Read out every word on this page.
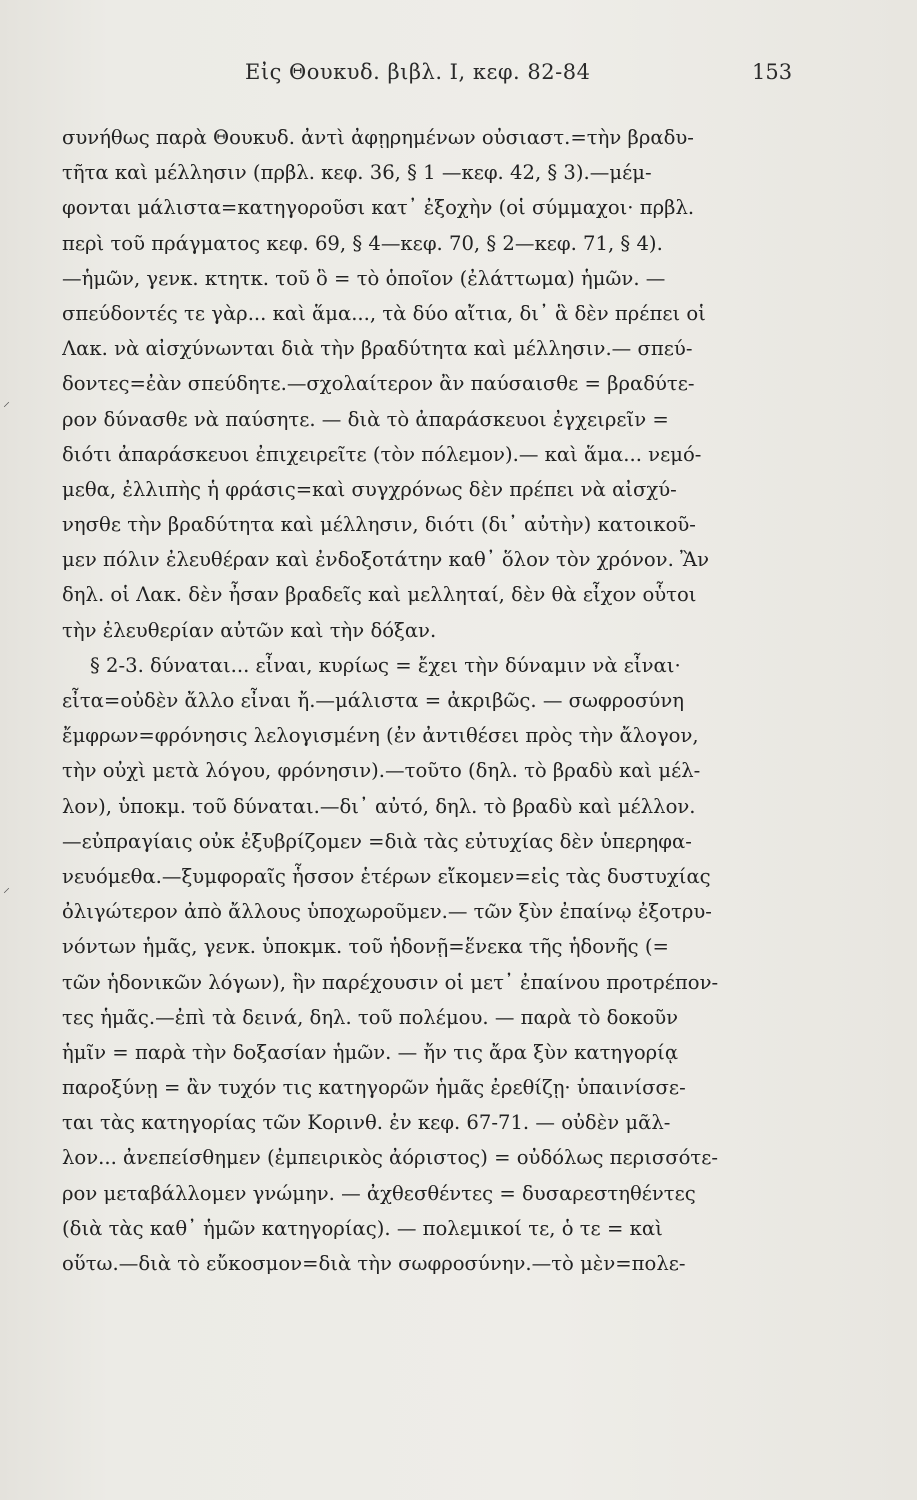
Εἰς Θουκυδ. βιβλ. Ι, κεφ. 82-84	153
συνήθως παρὰ Θουκυδ. ἀντὶ ἀφῃρημένων οὐσιαστ.=τὴν βραδυ-
τῆτα καὶ μέλλησιν (πρβλ. κεφ. 36, § 1 —κεφ. 42, § 3).—μέμ-
φονται μάλιστα=κατηγοροῦσι κατ᾽ ἐξοχὴν (οἱ σύμμαχοι· πρβλ.
περὶ τοῦ πράγματος κεφ. 69, § 4—κεφ. 70, § 2—κεφ. 71, § 4).
—ἡμῶν, γενκ. κτητκ. τοῦ ὃ = τὸ ὁποῖον (ἐλάττωμα) ἡμῶν. —
σπεύδοντές τε γὰρ... καὶ ἅμα..., τὰ δύο αἴτια, δι᾽ ἃ δὲν πρέπει οἱ
Λακ. νὰ αἰσχύνωνται διὰ τὴν βραδύτητα καὶ μέλλησιν.— σπεύ-
δοντες=ἐὰν σπεύδητε.—σχολαίτερον ἂν παύσαισθε = βραδύτε-
ρον δύνασθε νὰ παύσητε. — διὰ τὸ ἀπαράσκευοι ἐγχειρεῖν =
διότι ἀπαράσκευοι ἐπιχειρεῖτε (τὸν πόλεμον).— καὶ ἅμα... νεμό-
μεθα, ἐλλιπὴς ἡ φράσις=καὶ συγχρόνως δὲν πρέπει νὰ αἰσχύ-
νησθε τὴν βραδύτητα καὶ μέλλησιν, διότι (δι᾽ αὐτὴν) κατοικοῦ-
μεν πόλιν ἐλευθέραν καὶ ἐνδοξοτάτην καθ᾽ ὅλον τὸν χρόνον. Ἂν
δηλ. οἱ Λακ. δὲν ἦσαν βραδεῖς καὶ μελληταί, δὲν θὰ εἶχον οὗτοι
τὴν ἐλευθερίαν αὐτῶν καὶ τὴν δόξαν.
§ 2-3. δύναται... εἶναι, κυρίως = ἔχει τὴν δύναμιν νὰ εἶναι·
εἶτα=οὐδὲν ἄλλο εἶναι ἤ.—μάλιστα = ἀκριβῶς. — σωφροσύνη
ἔμφρων=φρόνησις λελογισμένη (ἐν ἀντιθέσει πρὸς τὴν ἄλογον,
τὴν οὐχὶ μετὰ λόγου, φρόνησιν).—τοῦτο (δηλ. τὸ βραδὺ καὶ μέλ-
λον), ὑποκμ. τοῦ δύναται.—δι᾽ αὐτό, δηλ. τὸ βραδὺ καὶ μέλλον.
—εὐπραγίαις οὐκ ἐξυβρίζομεν =διὰ τὰς εὐτυχίας δὲν ὑπερηφα-
νευόμεθα.—ξυμφοραῖς ἧσσον ἑτέρων εἴκομεν=εἰς τὰς δυστυχίας
ὀλιγώτερον ἀπὸ ἄλλους ὑποχωροῦμεν.— τῶν ξὺν ἐπαίνῳ ἐξοτρυ-
νόντων ἡμᾶς, γενκ. ὑποκμκ. τοῦ ἡδονῇ=ἕνεκα τῆς ἡδονῆς (=
τῶν ἡδονικῶν λόγων), ἣν παρέχουσιν οἱ μετ᾽ ἐπαίνου προτρέπον-
τες ἡμᾶς.—ἐπὶ τὰ δεινά, δηλ. τοῦ πολέμου. — παρὰ τὸ δοκοῦν
ἡμῖν = παρὰ τὴν δοξασίαν ἡμῶν. — ἤν τις ἄρα ξὺν κατηγορίᾳ
παροξύνῃ = ἂν τυχόν τις κατηγορῶν ἡμᾶς ἐρεθίζῃ· ὑπαινίσσε-
ται τὰς κατηγορίας τῶν Κορινθ. ἐν κεφ. 67-71. — οὐδὲν μᾶλ-
λον... ἀνεπείσθημεν (ἐμπειρικὸς ἀόριστος) = οὐδόλως περισσότε-
ρον μεταβάλλομεν γνώμην. — ἀχθεσθέντες = δυσαρεστηθέντες
(διὰ τὰς καθ᾽ ἡμῶν κατηγορίας). — πολεμικοί τε, ὁ τε = καὶ
οὕτω.—διὰ τὸ εὔκοσμον=διὰ τὴν σωφροσύνην.—τὸ μὲν=πολε-
⸝
⸝
